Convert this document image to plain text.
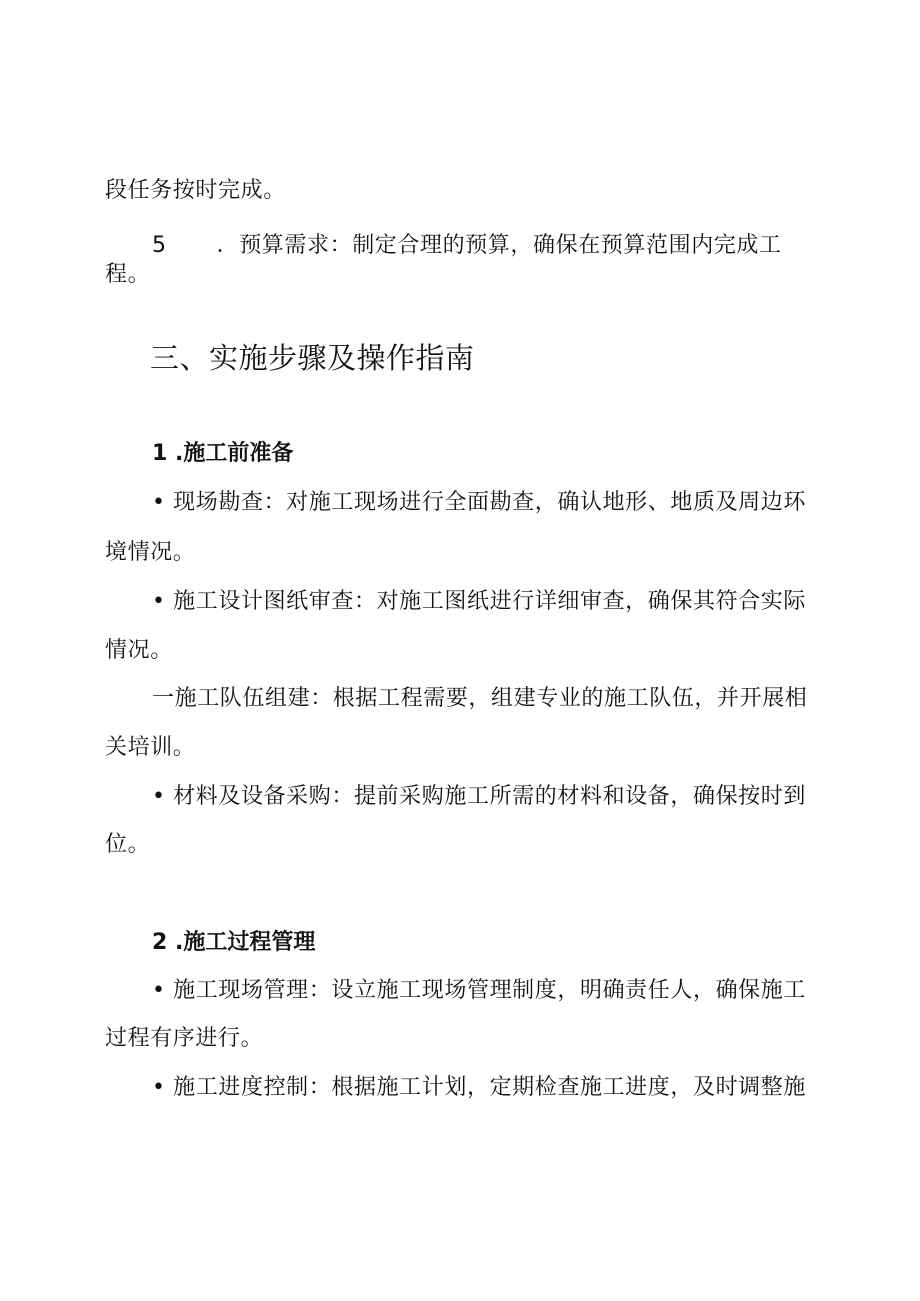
段任务按时完成。
5 ．预算需求：制定合理的预算，确保在预算范围内完成工
程。
三、实施步骤及操作指南
1 .施工前准备
• 现场勘查：对施工现场进行全面勘查，确认地形、地质及周边环
境情况。
• 施工设计图纸审查：对施工图纸进行详细审查，确保其符合实际
情况。
一施工队伍组建：根据工程需要，组建专业的施工队伍，并开展相
关培训。
• 材料及设备采购：提前采购施工所需的材料和设备，确保按时到
位。
2 .施工过程管理
• 施工现场管理：设立施工现场管理制度，明确责任人，确保施工
过程有序进行。
• 施工进度控制：根据施工计划，定期检查施工进度，及时调整施
